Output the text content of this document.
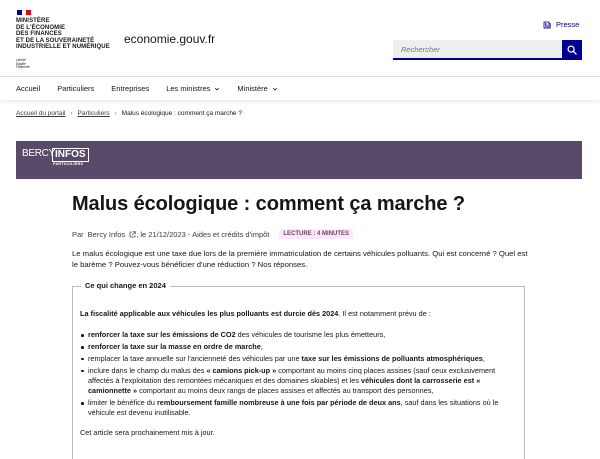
MINISTÈRE
DE L'ÉCONOMIE
DES FINANCES
ET DE LA SOUVERAINETÉ
INDUSTRIELLE ET NUMÉRIQUE
Liberté
Égalité
Fraternité
economie.gouv.fr
Presse
Rechercher
Accueil Particuliers Entreprises Les ministres	Ministère
Accueil du portail › Particuliers › Malus écologique : comment ça marche ?
BERCY INFOS
PARTICULIERS
Malus écologique : comment ça marche ?
Par Bercy Infos , le 21/12/2023 - Aides et crédits d'impôt	LECTURE : 4 MINUTES

Le malus écologique est une taxe due lors de la première immatriculation de certains véhicules polluants. Qui est concerné ? Quel est le barème ? Pouvez-vous bénéficier d'une réduction ? Nos réponses.

Ce qui change en 2024

La fiscalité applicable aux véhicules les plus polluants est durcie dès 2024. Il est notamment prévu de :

renforcer la taxe sur les émissions de CO2 des véhicules de tourisme les plus émetteurs,
renforcer la taxe sur la masse en ordre de marche,
remplacer la taxe annuelle sur l'ancienneté des véhicules par une taxe sur les émissions de polluants atmosphériques,
inclure dans le champ du malus des « camions pick-up » comportant au moins cinq places assises (sauf ceux exclusivement affectés à l'exploitation des remontées mécaniques et des domaines skiables) et les véhicules dont la carrosserie est « camionnette » comportant au moins deux rangs de places assises et affectés au transport des personnes,
limiter le bénéfice du remboursement famille nombreuse à une fois par période de deux ans, sauf dans les situations où le véhicule est devenu inutilisable.

Cet article sera prochainement mis à jour.
